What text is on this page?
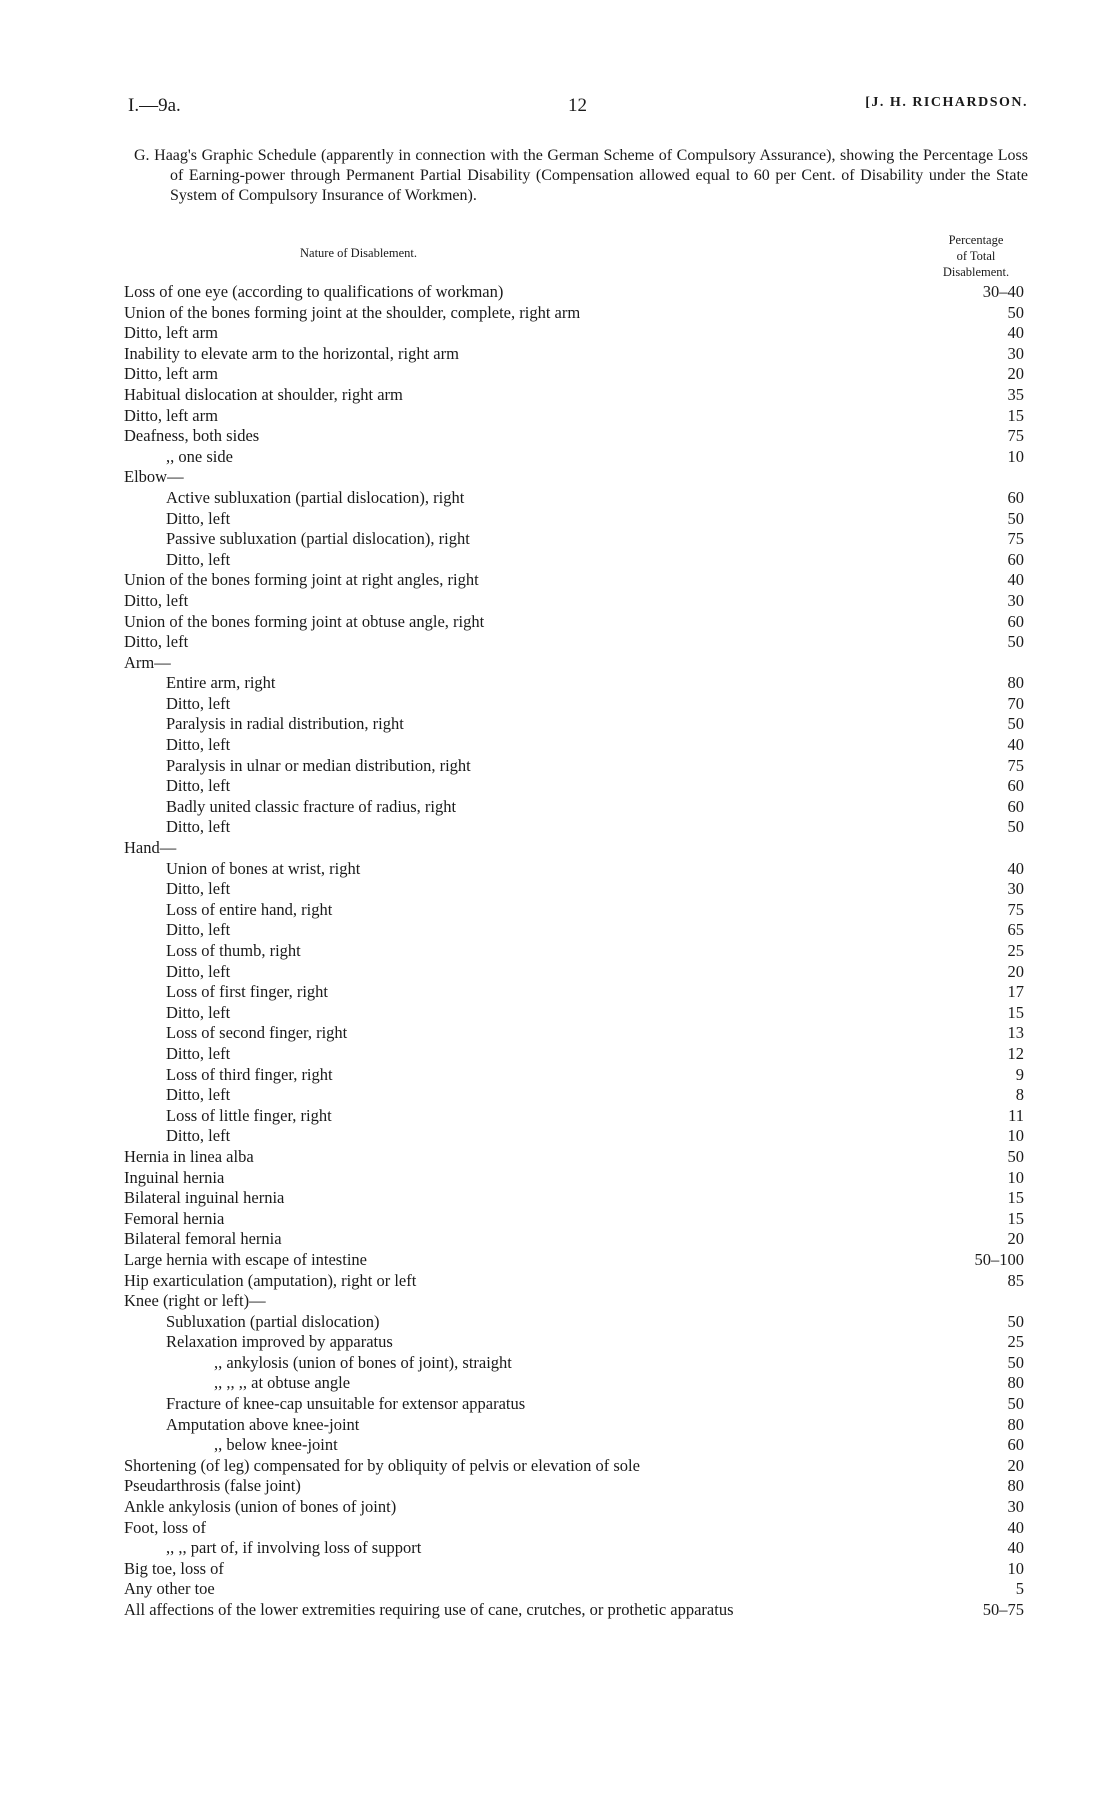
I.—9a.	12	[J. H. RICHARDSON.
G. Haag's Graphic Schedule (apparently in connection with the German Scheme of Compulsory Assurance), showing the Percentage Loss of Earning-power through Permanent Partial Disability (Compensation allowed equal to 60 per Cent. of Disability under the State System of Compulsory Insurance of Workmen).
Nature of Disablement.
Percentage
of Total
Disablement.
Loss of one eye (according to qualifications of workman)	30–40
Union of the bones forming joint at the shoulder, complete, right arm	50
Ditto, left arm	40
Inability to elevate arm to the horizontal, right arm	30
Ditto, left arm	20
Habitual dislocation at shoulder, right arm	35
Ditto, left arm	15
Deafness, both sides	75
,, one side	10
Elbow—
Active subluxation (partial dislocation), right	60
Ditto, left	50
Passive subluxation (partial dislocation), right	75
Ditto, left	60
Union of the bones forming joint at right angles, right	40
Ditto, left	30
Union of the bones forming joint at obtuse angle, right	60
Ditto, left	50
Arm—
Entire arm, right	80
Ditto, left	70
Paralysis in radial distribution, right	50
Ditto, left	40
Paralysis in ulnar or median distribution, right	75
Ditto, left	60
Badly united classic fracture of radius, right	60
Ditto, left	50
Hand—
Union of bones at wrist, right	40
Ditto, left	30
Loss of entire hand, right	75
Ditto, left	65
Loss of thumb, right	25
Ditto, left	20
Loss of first finger, right	17
Ditto, left	15
Loss of second finger, right	13
Ditto, left	12
Loss of third finger, right	9
Ditto, left	8
Loss of little finger, right	11
Ditto, left	10
Hernia in linea alba	50
Inguinal hernia	10
Bilateral inguinal hernia	15
Femoral hernia	15
Bilateral femoral hernia	20
Large hernia with escape of intestine	50–100
Hip exarticulation (amputation), right or left	85
Knee (right or left)—
Subluxation (partial dislocation)	50
Relaxation improved by apparatus	25
,, ankylosis (union of bones of joint), straight	50
,, ,, ,, at obtuse angle	80
Fracture of knee-cap unsuitable for extensor apparatus	50
Amputation above knee-joint	80
,, below knee-joint	60
Shortening (of leg) compensated for by obliquity of pelvis or elevation of sole	20
Pseudarthrosis (false joint)	80
Ankle ankylosis (union of bones of joint)	30
Foot, loss of	40
,, ,, part of, if involving loss of support	40
Big toe, loss of	10
Any other toe	5
All affections of the lower extremities requiring use of cane, crutches, or prothetic apparatus	50–75
